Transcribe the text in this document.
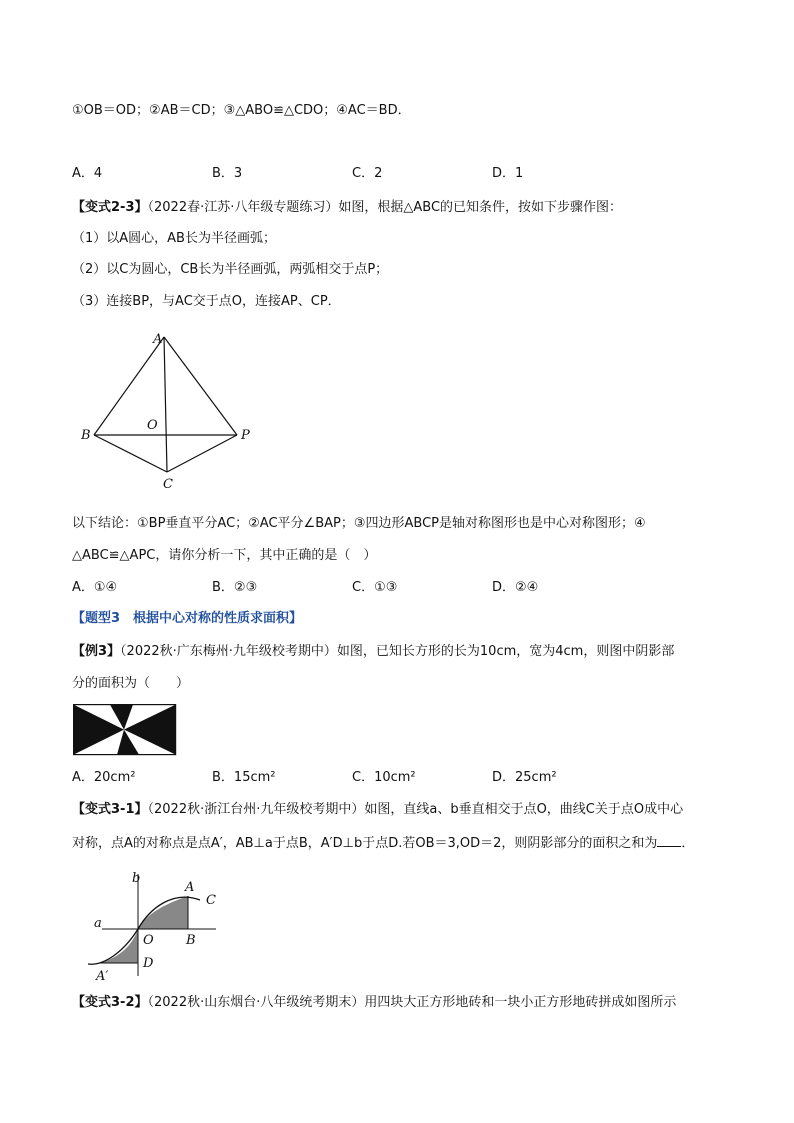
①OB＝OD；②AB＝CD；③△ABO≌△CDO；④AC＝BD．
A．4	B．3	C．2	D．1
【变式2-3】（2022春·江苏·八年级专题练习）如图，根据△ABC的已知条件，按如下步骤作图：
（1）以A圆心，AB长为半径画弧；
（2）以C为圆心，CB长为半径画弧，两弧相交于点P；
（3）连接BP，与AC交于点O，连接AP、CP．
A
B
O
P
C
以下结论：①BP垂直平分AC；②AC平分∠BAP；③四边形ABCP是轴对称图形也是中心对称图形；④
△ABC≌△APC，请你分析一下，其中正确的是（　）
A．①④	B．②③	C．①③	D．②④
【题型3　根据中心对称的性质求面积】
【例3】（2022秋·广东梅州·九年级校考期中）如图，已知长方形的长为10cm，宽为4cm，则图中阴影部
分的面积为（　　）
A．20cm²	B．15cm²	C．10cm²	D．25cm²
【变式3-1】（2022秋·浙江台州·九年级校考期中）如图，直线a、b垂直相交于点O，曲线C关于点O成中心
对称，点A的对称点是点A′，AB⊥a于点B，A′D⊥b于点D.若OB＝3,OD＝2，则阴影部分的面积之和为 ．
b
a
A
C
O B
D
A′
【变式3-2】（2022秋·山东烟台·八年级统考期末）用四块大正方形地砖和一块小正方形地砖拼成如图所示
